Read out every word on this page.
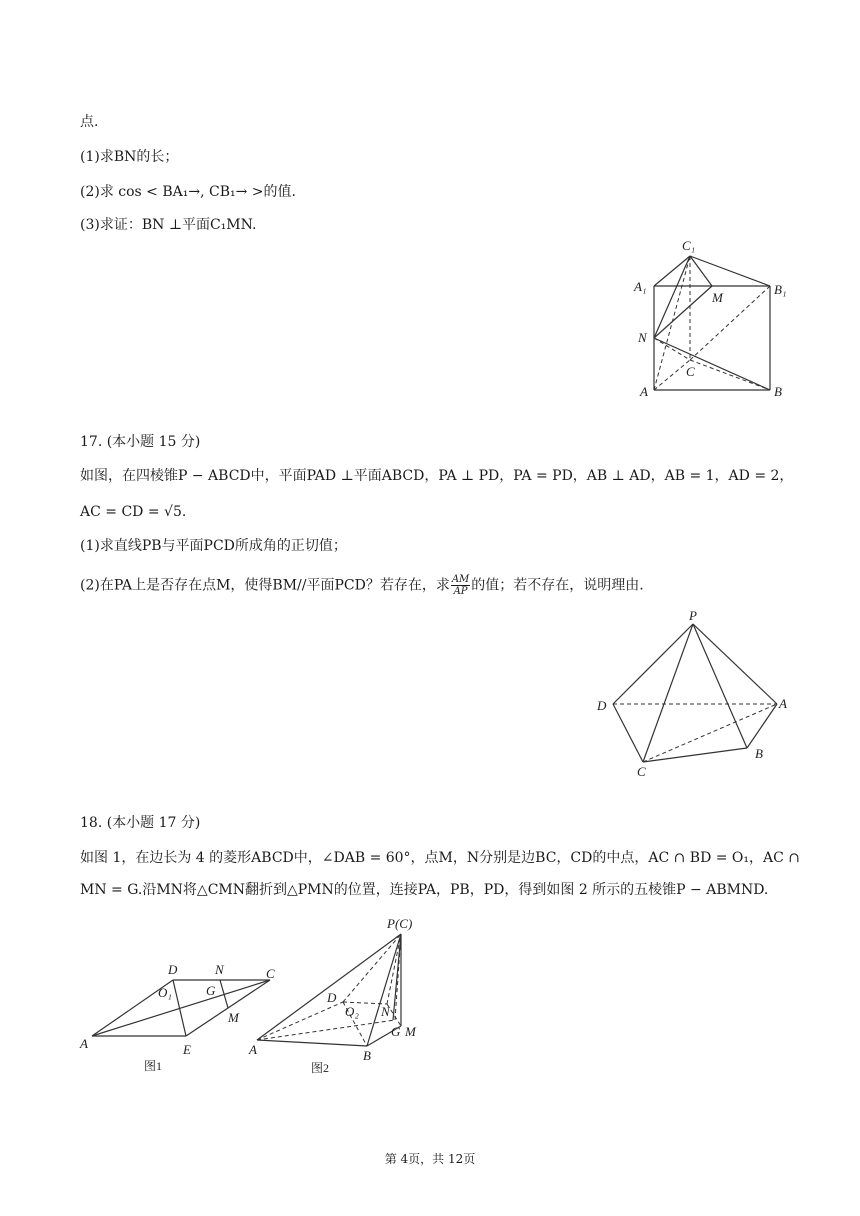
点.
(1)求BN的长；
(2)求 cos < BA₁→, CB₁→ >的值.
(3)求证：BN ⊥平面C₁MN.
C₁
A₁	B₁
M
N
C
A	B
17. (本小题 15 分)
如图，在四棱锥P − ABCD中，平面PAD ⊥平面ABCD，PA ⊥ PD，PA = PD，AB ⊥ AD，AB = 1，AD = 2，
AC = CD = √5.
(1)求直线PB与平面PCD所成角的正切值；
(2)在PA上是否存在点M，使得BM//平面PCD？若存在，求 $\frac{AM}{AP}$ 的值；若不存在，说明理由.
P
D	A
B
C
18. (本小题 17 分)
如图 1，在边长为 4 的菱形ABCD中，∠DAB = 60°，点M，N分别是边BC，CD的中点，AC ∩ BD = O₁，AC ∩
MN = G.沿MN将△CMN翻折到△PMN的位置，连接PA，PB，PD，得到如图 2 所示的五棱锥P − ABMND.
D	N	C
O₁	G
M
A	E
图1
P(C)
D
O₂ N
G M
A	B
图2
第 4页，共 12页
